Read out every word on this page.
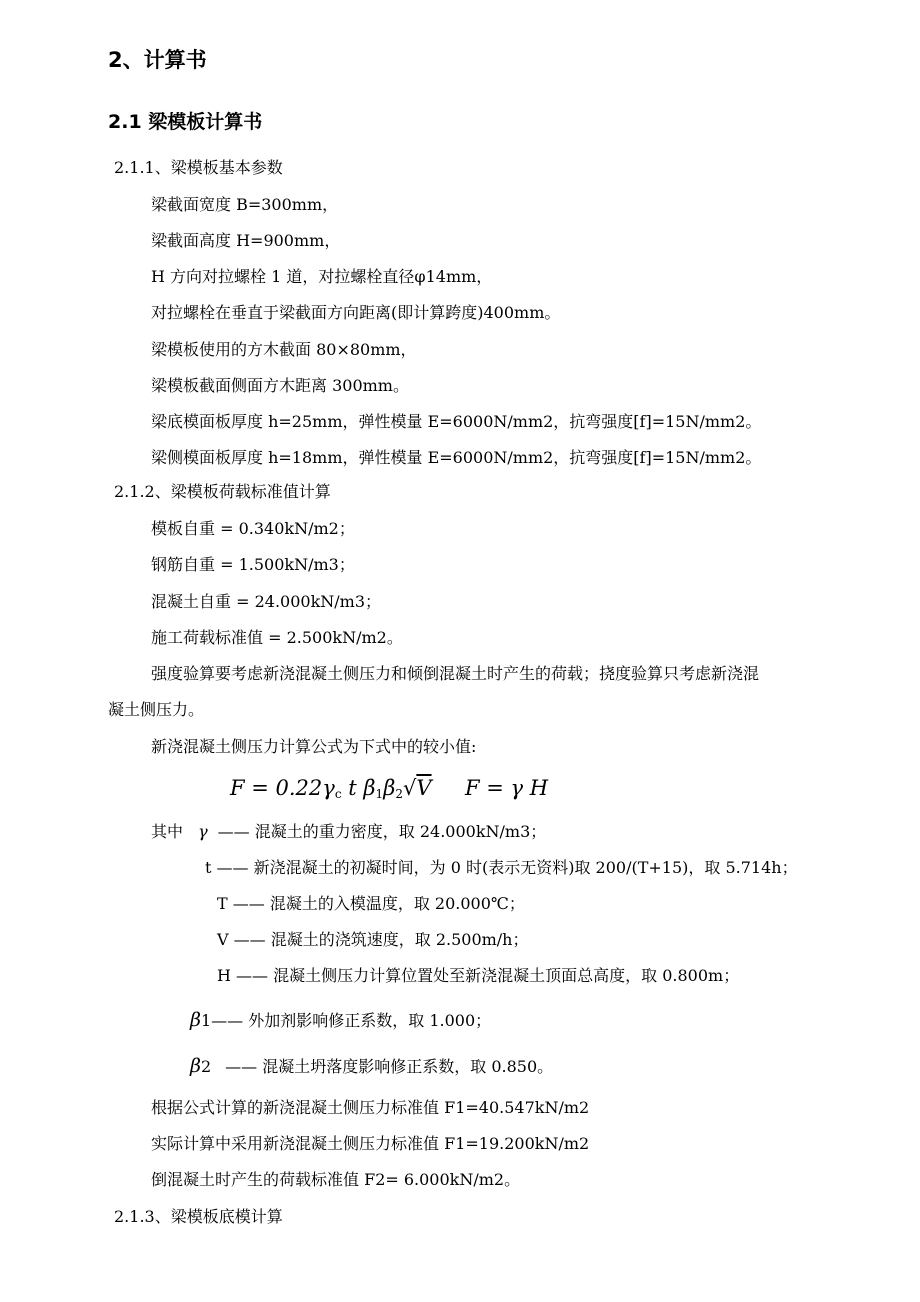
2、计算书
2.1 梁模板计算书
2.1.1、梁模板基本参数
梁截面宽度 B=300mm，
梁截面高度 H=900mm，
H 方向对拉螺栓 1 道，对拉螺栓直径φ14mm，
对拉螺栓在垂直于梁截面方向距离(即计算跨度)400mm。
梁模板使用的方木截面 80×80mm，
梁模板截面侧面方木距离 300mm。
梁底模面板厚度 h=25mm，弹性模量 E=6000N/mm2，抗弯强度[f]=15N/mm2。
梁侧模面板厚度 h=18mm，弹性模量 E=6000N/mm2，抗弯强度[f]=15N/mm2。
2.1.2、梁模板荷载标准值计算
模板自重 = 0.340kN/m2；
钢筋自重 = 1.500kN/m3；
混凝土自重 = 24.000kN/m3；
施工荷载标准值 = 2.500kN/m2。
强度验算要考虑新浇混凝土侧压力和倾倒混凝土时产生的荷载；挠度验算只考虑新浇混
凝土侧压力。
新浇混凝土侧压力计算公式为下式中的较小值:
$F = 0.22\gamma_c$ t $\beta_1\beta_2√V$ F = γ H
其中 γ —— 混凝土的重力密度，取 24.000kN/m3；
t —— 新浇混凝土的初凝时间，为 0 时(表示无资料)取 200/(T+15)，取 5.714h；
T —— 混凝土的入模温度，取 20.000℃；
V —— 混凝土的浇筑速度，取 2.500m/h；
H —— 混凝土侧压力计算位置处至新浇混凝土顶面总高度，取 0.800m；
β1—— 外加剂影响修正系数，取 1.000；
β2 —— 混凝土坍落度影响修正系数，取 0.850。
根据公式计算的新浇混凝土侧压力标准值 F1=40.547kN/m2
实际计算中采用新浇混凝土侧压力标准值 F1=19.200kN/m2
倒混凝土时产生的荷载标准值 F2= 6.000kN/m2。
2.1.3、梁模板底模计算
